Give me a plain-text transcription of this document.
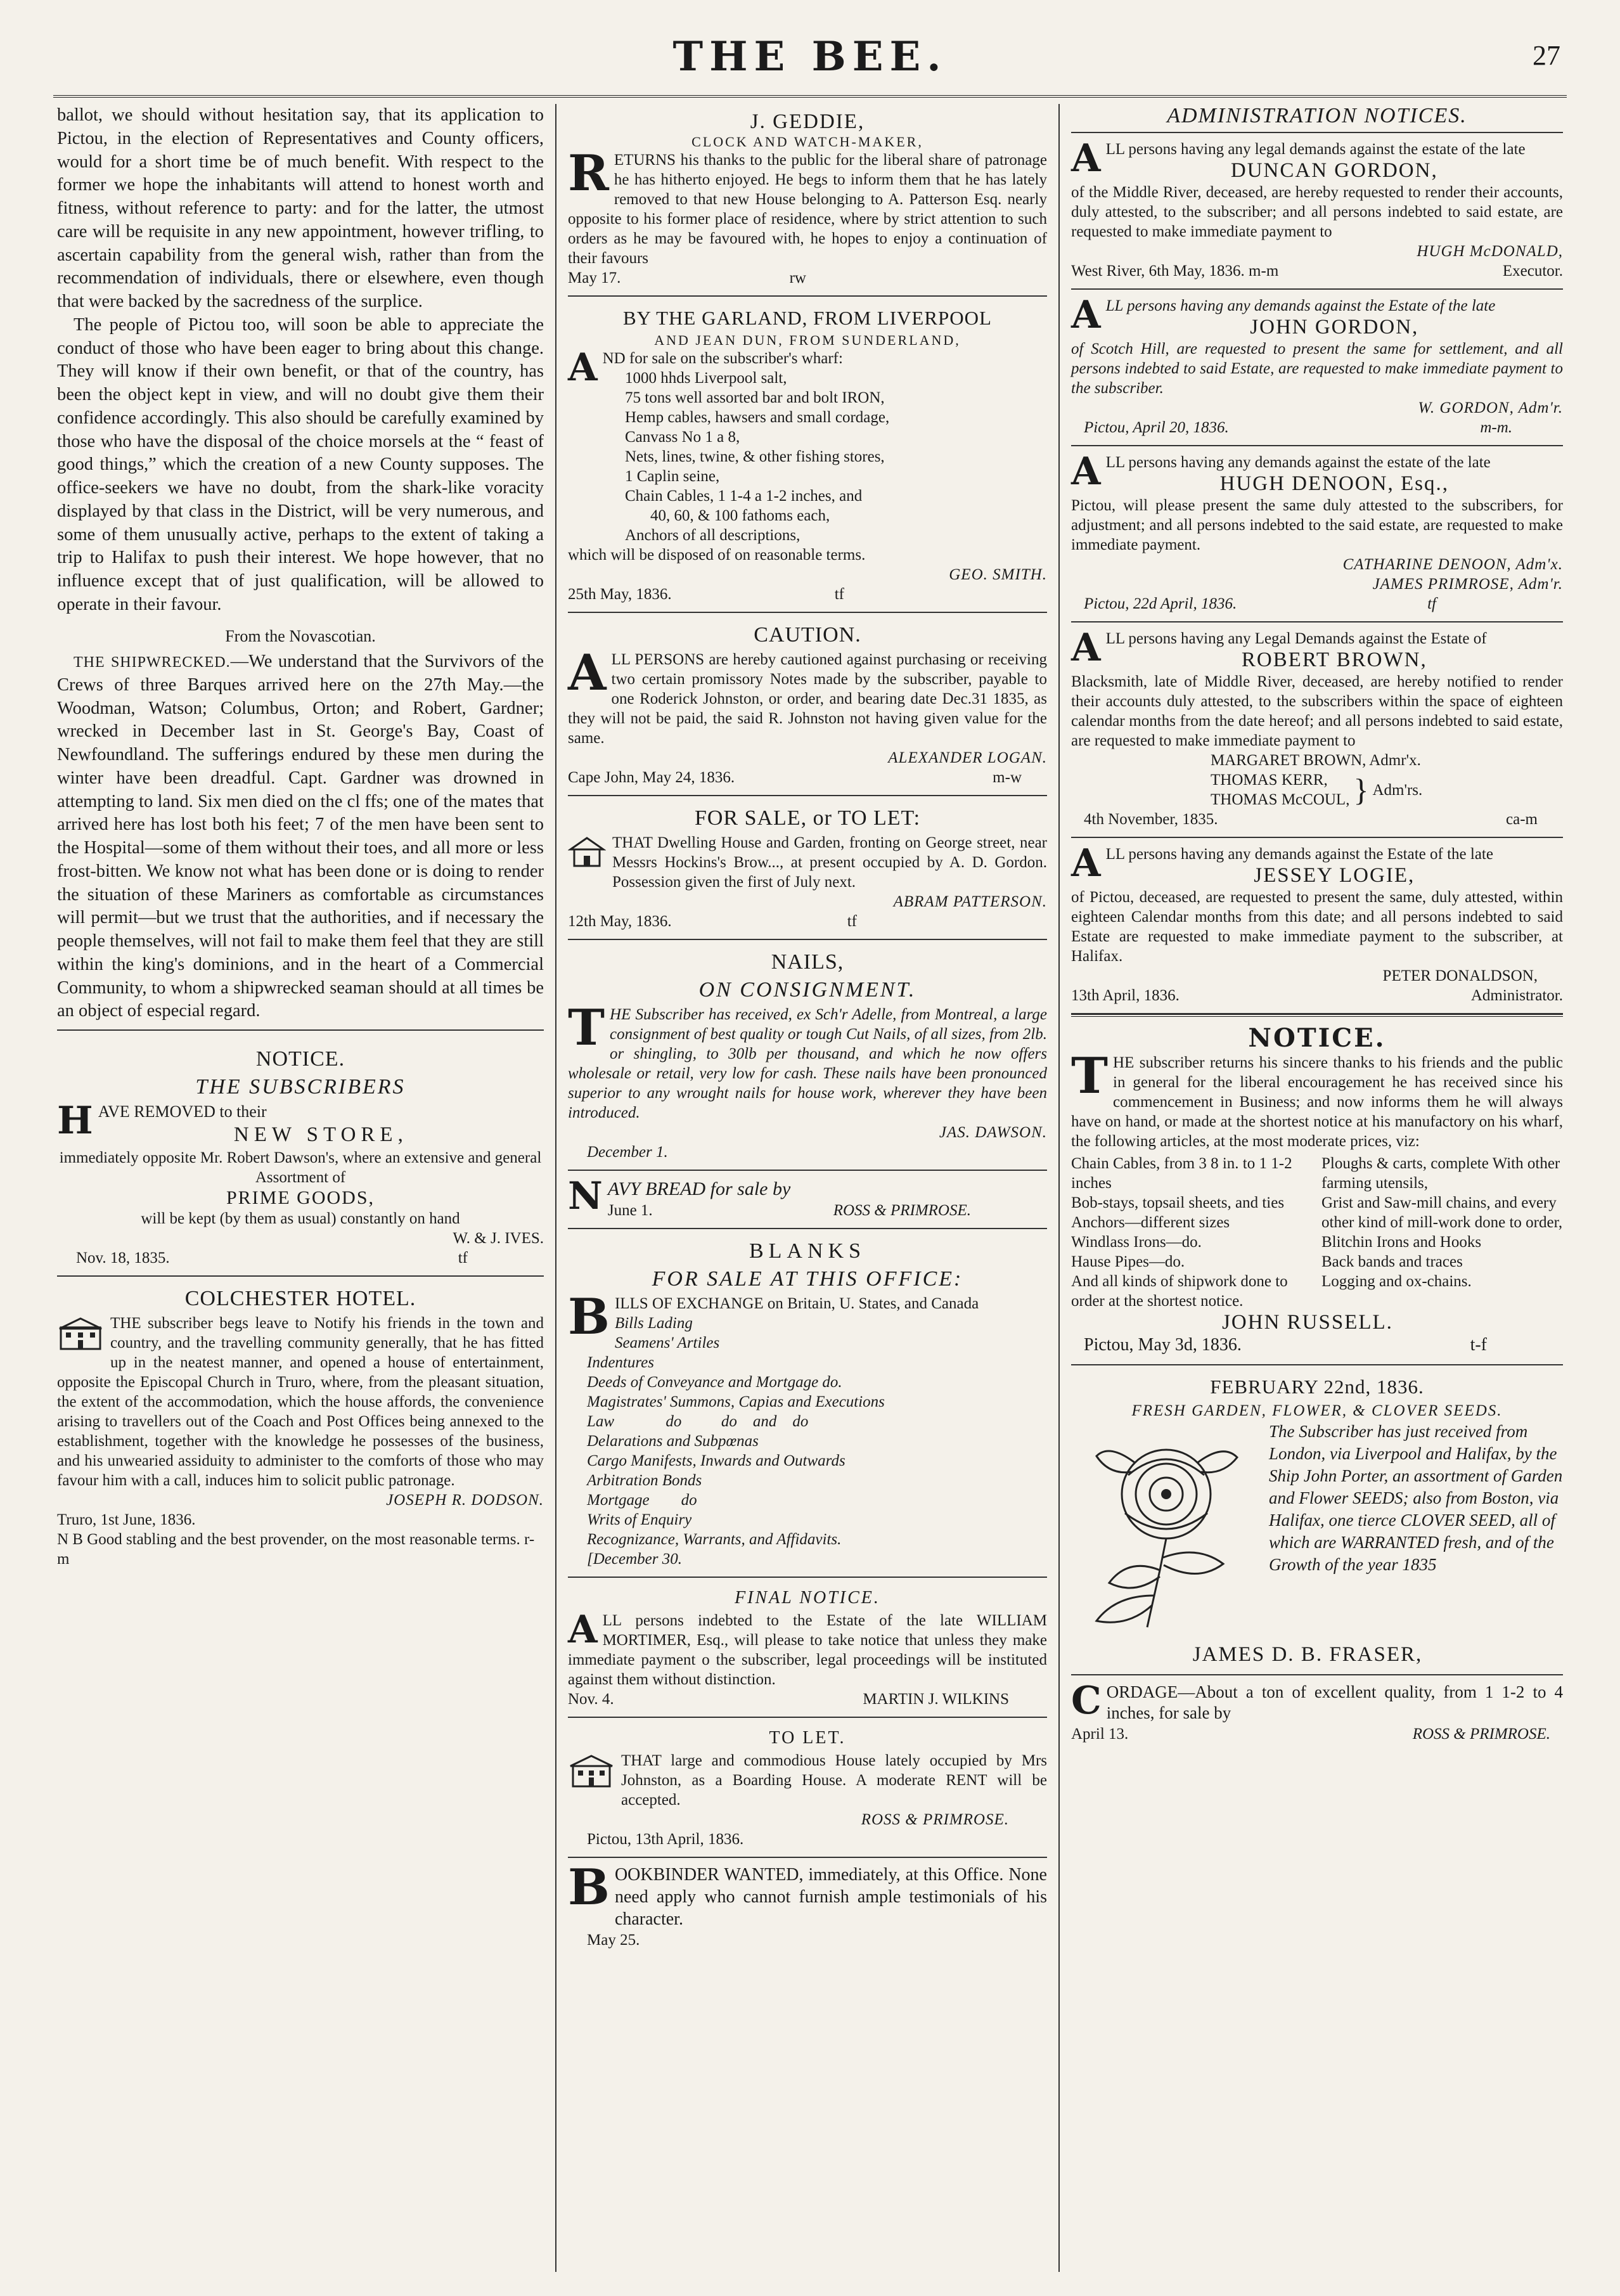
THE BEE.	27

ballot, we should without hesitation say, that its application to Pictou, in the election of Representatives and County officers, would for a short time be of much benefit. With respect to the former we hope the inhabitants will attend to honest worth and fitness, without reference to party: and for the latter, the utmost care will be requisite in any new appointment, however trifling, to ascertain capability from the general wish, rather than from the recommendation of individuals, there or elsewhere, even though that were backed by the sacredness of the surplice.

The people of Pictou too, will soon be able to appreciate the conduct of those who have been eager to bring about this change. They will know if their own benefit, or that of the country, has been the object kept in view, and will no doubt give them their confidence accordingly. This also should be carefully examined by those who have the disposal of the choice morsels at the “ feast of good things,” which the creation of a new County supposes. The office-seekers we have no doubt, from the shark-like voracity displayed by that class in the District, will be very numerous, and some of them unusually active, perhaps to the extent of taking a trip to Halifax to push their interest. We hope however, that no influence except that of just qualification, will be allowed to operate in their favour.

From the Novascotian.

THE SHIPWRECKED.—We understand that the Survivors of the Crews of three Barques arrived here on the 27th May.—the Woodman, Watson; Columbus, Orton; and Robert, Gardner; wrecked in December last in St. George's Bay, Coast of Newfoundland. The sufferings endured by these men during the winter have been dreadful. Capt. Gardner was drowned in attempting to land. Six men died on the cl ffs; one of the mates that arrived here has lost both his feet; 7 of the men have been sent to the Hospital—some of them without their toes, and all more or less frost-bitten. We know not what has been done or is doing to render the situation of these Mariners as comfortable as circumstances will permit—but we trust that the authorities, and if necessary the people themselves, will not fail to make them feel that they are still within the king's dominions, and in the heart of a Commercial Community, to whom a shipwrecked seaman should at all times be an object of especial regard.

NOTICE.
THE SUBSCRIBERS
H AVE REMOVED to their
NEW STORE,

immediately opposite Mr. Robert Dawson's, where an extensive and general Assortment of

PRIME GOODS,

will be kept (by them as usual) constantly on hand

W. & J. IVES.
Nov. 18, 1835.	tf
COLCHESTER HOTEL.
THE subscriber begs leave to Notify his friends in the town and country, and the travelling community generally, that he has fitted up in the neatest manner, and opened a house of entertainment, opposite the Episcopal Church in Truro, where, from the pleasant situation, the extent of the accommodation, which the house affords, the convenience arising to travellers out of the Coach and Post Offices being annexed to the establishment, together with the knowledge he possesses of the business, and his unwearied assiduity to administer to the comforts of those who may favour him with a call, induces him to solicit public patronage.
JOSEPH R. DODSON.
Truro, 1st June, 1836.
N B Good stabling and the best provender, on the most reasonable terms. r-m
J. GEDDIE,
CLOCK AND WATCH-MAKER,
RETURNS his thanks to the public for the liberal share of patronage he has hitherto enjoyed. He begs to inform them that he has lately removed to that new House belonging to A. Patterson Esq. nearly opposite to his former place of residence, where by strict attention to such orders as he may be favoured with, he hopes to enjoy a continuation of their favours
May 17.	rw
BY THE GARLAND, FROM LIVERPOOL
AND JEAN DUN, FROM SUNDERLAND,
AND for sale on the subscriber's wharf:
1000 hhds Liverpool salt,
75 tons well assorted bar and bolt IRON,
Hemp cables, hawsers and small cordage,
Canvass No 1 a 8,
Nets, lines, twine, & other fishing stores,
1 Caplin seine,
Chain Cables, 1 1-4 a 1-2 inches, and
40, 60, & 100 fathoms each,
Anchors of all descriptions,
which will be disposed of on reasonable terms.
GEO. SMITH.
25th May, 1836.	tf
CAUTION.
ALL PERSONS are hereby cautioned against purchasing or receiving two certain promissory Notes made by the subscriber, payable to one Roderick Johnston, or order, and bearing date Dec.31 1835, as they will not be paid, the said R. Johnston not having given value for the same.
ALEXANDER LOGAN.
Cape John, May 24, 1836.	m-w
FOR SALE, or TO LET:
THAT Dwelling House and Garden, fronting on George street, near Messrs Hockins's Brow..., at present occupied by A. D. Gordon. Possession given the first of July next.
ABRAM PATTERSON.
12th May, 1836.	tf
NAILS,
ON CONSIGNMENT.
THE Subscriber has received, ex Sch'r Adelle, from Montreal, a large consignment of best quality or tough Cut Nails, of all sizes, from 2lb. or shingling, to 30lb per thousand, and which he now offers wholesale or retail, very low for cash. These nails have been pronounced superior to any wrought nails for house work, wherever they have been introduced.
JAS. DAWSON.
December 1.
NAVY BREAD for sale by
June 1.	ROSS & PRIMROSE.
BLANKS
FOR SALE AT THIS OFFICE:
BILLS OF EXCHANGE on Britain, U. States, and Canada
Bills Lading
Seamens' Artiles
Indentures
Deeds of Conveyance and Mortgage do.
Magistrates' Summons, Capias and Executions
Law             do          do    and    do
Delarations and Subpœnas
Cargo Manifests, Inwards and Outwards
Arbitration Bonds
Mortgage        do
Writs of Enquiry
Recognizance, Warrants, and Affidavits.
[December 30.
FINAL NOTICE.
ALL persons indebted to the Estate of the late WILLIAM MORTIMER, Esq., will please to take notice that unless they make immediate payment o the subscriber, legal proceedings will be instituted against them without distinction.
Nov. 4.	MARTIN J. WILKINS
TO LET.
THAT large and commodious House lately occupied by Mrs Johnston, as a Boarding House. A moderate RENT will be accepted.
ROSS & PRIMROSE.
Pictou, 13th April, 1836.
BOOKBINDER WANTED, immediately, at this Office. None need apply who cannot furnish ample testimonials of his character.
May 25.
ADMINISTRATION NOTICES.
ALL persons having any legal demands against the estate of the late
DUNCAN GORDON,

of the Middle River, deceased, are hereby requested to render their accounts, duly attested, to the subscriber; and all persons indebted to said estate, are requested to make immediate payment to

HUGH McDONALD,
West River, 6th May, 1836. m-m	Executor.
ALL persons having any demands against the Estate of the late
JOHN GORDON,

of Scotch Hill, are requested to present the same for settlement, and all persons indebted to said Estate, are requested to make immediate payment to the subscriber.

W. GORDON, Adm'r.
Pictou, April 20, 1836.	m-m.
ALL persons having any demands against the estate of the late
HUGH DENOON, Esq.,

Pictou, will please present the same duly attested to the subscribers, for adjustment; and all persons indebted to the said estate, are requested to make immediate payment.

CATHARINE DENOON, Adm'x.
JAMES PRIMROSE, Adm'r.
Pictou, 22d April, 1836.	tf
ALL persons having any Legal Demands against the Estate of
ROBERT BROWN,

Blacksmith, late of Middle River, deceased, are hereby notified to render their accounts duly attested, to the subscribers within the space of eighteen calendar months from the date hereof; and all persons indebted to said estate, are requested to make immediate payment to

MARGARET BROWN, Admr'x.
THOMAS KERR,
THOMAS McCOUL, } Adm'rs.
4th November, 1835.	ca-m
ALL persons having any demands against the Estate of the late
JESSEY LOGIE,

of Pictou, deceased, are requested to present the same, duly attested, within eighteen Calendar months from this date; and all persons indebted to said Estate are requested to make immediate payment to the subscriber, at Halifax.

PETER DONALDSON,
13th April, 1836.	Administrator.
NOTICE.
THE subscriber returns his sincere thanks to his friends and the public in general for the liberal encouragement he has received since his commencement in Business; and now informs them he will always have on hand, or made at the shortest notice at his manufactory on his wharf, the following articles, at the most moderate prices, viz:
Chain Cables, from 3 8 in. to 1 1-2 inches
Bob-stays, topsail sheets, and ties
Anchors—different sizes
Windlass Irons—do.
Hause Pipes—do.
And all kinds of shipwork done to order at the shortest notice.
Ploughs & carts, complete With other farming utensils,
Grist and Saw-mill chains, and every other kind of mill-work done to order,
Blitchin Irons and Hooks
Back bands and traces
Logging and ox-chains.
JOHN RUSSELL.
Pictou, May 3d, 1836.	t-f
FEBRUARY 22nd, 1836.
FRESH GARDEN, FLOWER, & CLOVER SEEDS.
The Subscriber has just received from London, via Liverpool and Halifax, by the Ship John Porter, an assortment of Garden and Flower SEEDS; also from Boston, via Halifax, one tierce CLOVER SEED, all of which are WARRANTED fresh, and of the Growth of the year 1835
JAMES D. B. FRASER,
CORDAGE—About a ton of excellent quality, from 1 1-2 to 4 inches, for sale by
April 13.	ROSS & PRIMROSE.
